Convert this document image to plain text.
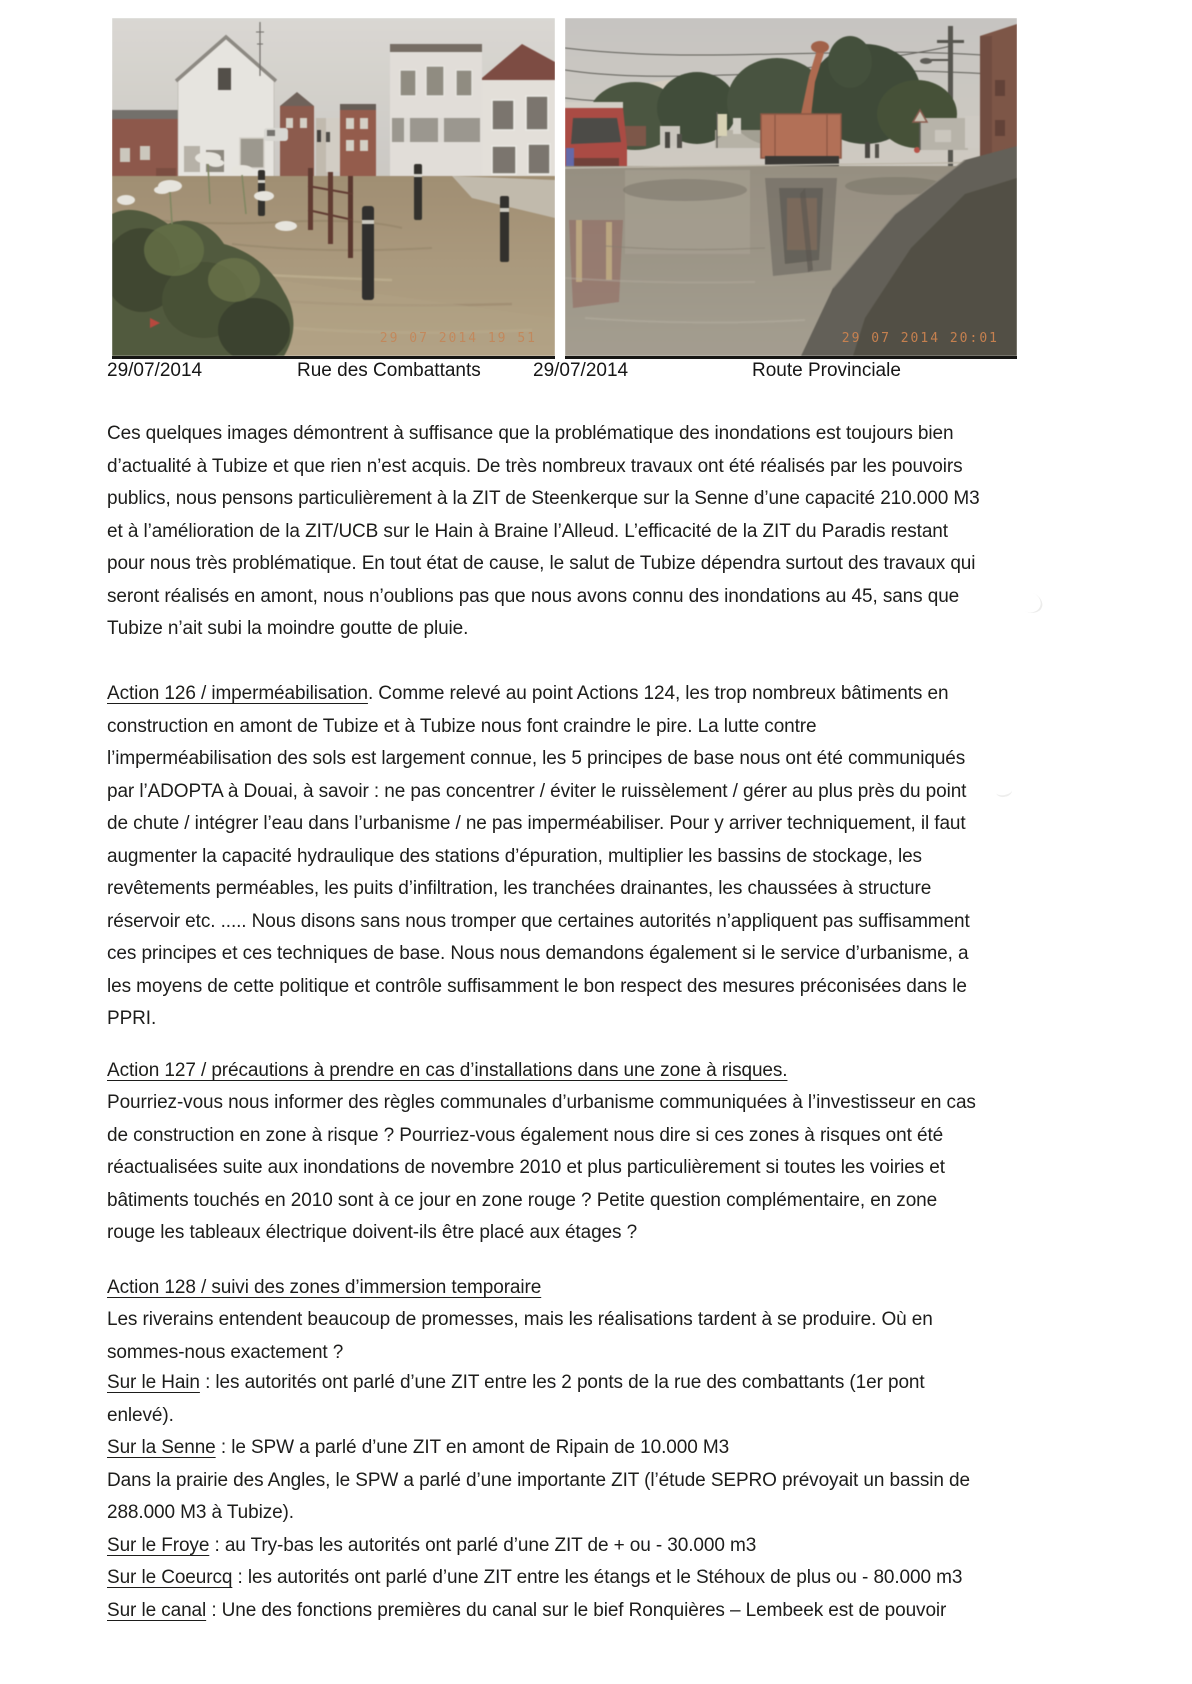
29 07 2014 19 51	29 07 2014 20:01
29/07/2014	Rue des Combattants	29/07/2014	Route Provinciale

Ces quelques images démontrent à suffisance que la problématique des inondations est toujours bien d’actualité à Tubize et que rien n’est acquis. De très nombreux travaux ont été réalisés par les pouvoirs publics, nous pensons particulièrement à la ZIT de Steenkerque sur la Senne d’une capacité 210.000 M3 et à l’amélioration de la ZIT/UCB sur le Hain à Braine l’Alleud. L’efficacité de la ZIT du Paradis restant pour nous très problématique. En tout état de cause, le salut de Tubize dépendra surtout des travaux qui seront réalisés en amont, nous n’oublions pas que nous avons connu des inondations au 45, sans que Tubize n’ait subi la moindre goutte de pluie.

Action 126 / imperméabilisation. Comme relevé au point Actions 124, les trop nombreux bâtiments en construction en amont de Tubize et à Tubize nous font craindre le pire. La lutte contre l’imperméabilisation des sols est largement connue, les 5 principes de base nous ont été communiqués par l’ADOPTA à Douai, à savoir : ne pas concentrer / éviter le ruissèlement / gérer au plus près du point de chute / intégrer l’eau dans l’urbanisme / ne pas imperméabiliser. Pour y arriver techniquement, il faut augmenter la capacité hydraulique des stations d’épuration, multiplier les bassins de stockage, les revêtements perméables, les puits d’infiltration, les tranchées drainantes, les chaussées à structure réservoir etc. ..... Nous disons sans nous tromper que certaines autorités n’appliquent pas suffisamment ces principes et ces techniques de base. Nous nous demandons également si le service d’urbanisme, a les moyens de cette politique et contrôle suffisamment le bon respect des mesures préconisées dans le PPRI.

Action 127 / précautions à prendre en cas d’installations dans une zone à risques.

Pourriez-vous nous informer des règles communales d’urbanisme communiquées à l’investisseur en cas de construction en zone à risque ? Pourriez-vous également nous dire si ces zones à risques ont été réactualisées suite aux inondations de novembre 2010 et plus particulièrement si toutes les voiries et bâtiments touchés en 2010 sont à ce jour en zone rouge ? Petite question complémentaire, en zone rouge les tableaux électrique doivent-ils être placé aux étages ?

Action 128 / suivi des zones d’immersion temporaire

Les riverains entendent beaucoup de promesses, mais les réalisations tardent à se produire. Où en sommes-nous exactement ?

Sur le Hain : les autorités ont parlé d’une ZIT entre les 2 ponts de la rue des combattants (1er pont enlevé).

Sur la Senne : le SPW a parlé d’une ZIT en amont de Ripain de 10.000 M3

Dans la prairie des Angles, le SPW a parlé d’une importante ZIT (l’étude SEPRO prévoyait un bassin de 288.000 M3 à Tubize).

Sur le Froye : au Try-bas les autorités ont parlé d’une ZIT de + ou - 30.000 m3

Sur le Coeurcq : les autorités ont parlé d’une ZIT entre les étangs et le Stéhoux de plus ou - 80.000 m3

Sur le canal : Une des fonctions premières du canal sur le bief Ronquières – Lembeek est de pouvoir
